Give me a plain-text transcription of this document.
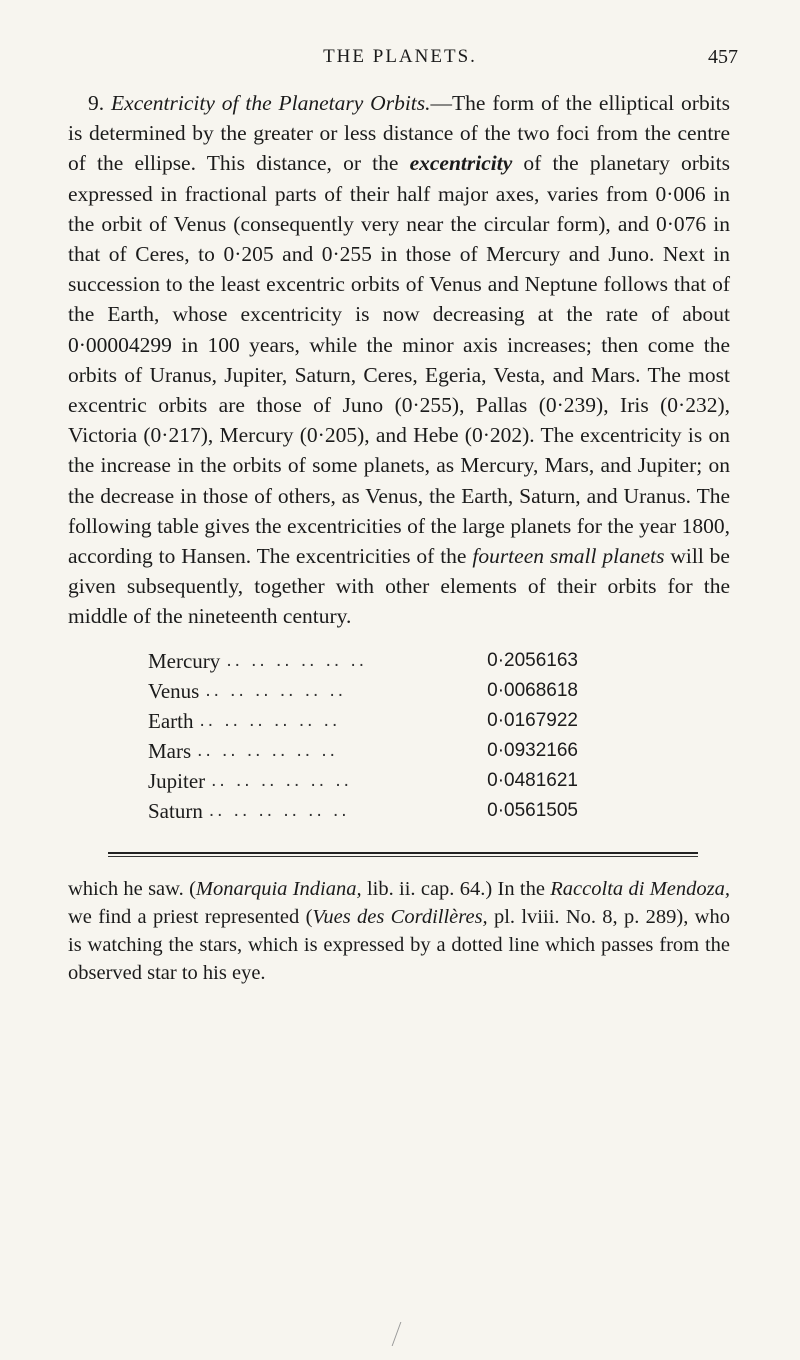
THE PLANETS.	457

9. Excentricity of the Planetary Orbits.—The form of the elliptical orbits is determined by the greater or less distance of the two foci from the centre of the ellipse. This distance, or the excentricity of the planetary orbits expressed in fractional parts of their half major axes, varies from 0·006 in the orbit of Venus (consequently very near the circular form), and 0·076 in that of Ceres, to 0·205 and 0·255 in those of Mercury and Juno. Next in succession to the least excentric orbits of Venus and Neptune follows that of the Earth, whose excentricity is now decreasing at the rate of about 0·00004299 in 100 years, while the minor axis increases; then come the orbits of Uranus, Jupiter, Saturn, Ceres, Egeria, Vesta, and Mars. The most excentric orbits are those of Juno (0·255), Pallas (0·239), Iris (0·232), Victoria (0·217), Mercury (0·205), and Hebe (0·202). The excentricity is on the increase in the orbits of some planets, as Mercury, Mars, and Jupiter; on the decrease in those of others, as Venus, the Earth, Saturn, and Uranus. The following table gives the excentricities of the large planets for the year 1800, according to Hansen. The excentricities of the fourteen small planets will be given subsequently, together with other elements of their orbits for the middle of the nineteenth century.

Mercury .. .. .. .. .. ..	0·2056163
Venus .. .. .. .. .. ..	0·0068618
Earth .. .. .. .. .. ..	0·0167922
Mars .. .. .. .. .. ..	0·0932166
Jupiter .. .. .. .. .. ..	0·0481621
Saturn .. .. .. .. .. ..	0·0561505

which he saw. (Monarquia Indiana, lib. ii. cap. 64.) In the Raccolta di Mendoza, we find a priest represented (Vues des Cordillères, pl. lviii. No. 8, p. 289), who is watching the stars, which is expressed by a dotted line which passes from the observed star to his eye.
